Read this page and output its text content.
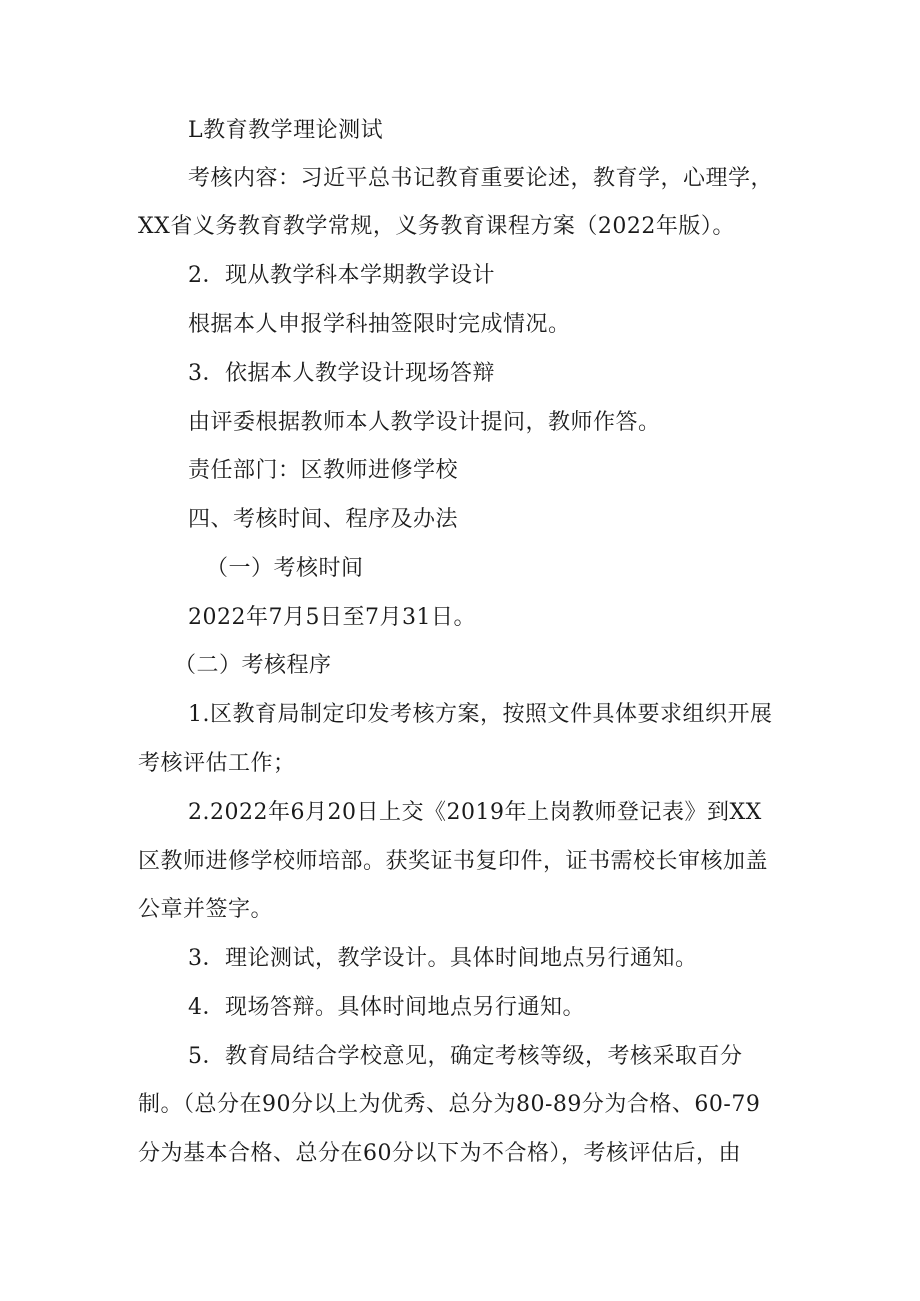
L教育教学理论测试
考核内容：习近平总书记教育重要论述，教育学，心理学，
XX省义务教育教学常规，义务教育课程方案（2022年版）。
2．现从教学科本学期教学设计
根据本人申报学科抽签限时完成情况。
3．依据本人教学设计现场答辩
由评委根据教师本人教学设计提问，教师作答。
责任部门：区教师进修学校
四、考核时间、程序及办法
（一）考核时间
2022年7月5日至7月31日。
（二）考核程序
1.区教育局制定印发考核方案，按照文件具体要求组织开展
考核评估工作；
2.2022年6月20日上交《2019年上岗教师登记表》到XX
区教师进修学校师培部。获奖证书复印件，证书需校长审核加盖
公章并签字。
3．理论测试，教学设计。具体时间地点另行通知。
4．现场答辩。具体时间地点另行通知。
5．教育局结合学校意见，确定考核等级，考核采取百分
制。（总分在90分以上为优秀、总分为80-89分为合格、60-79
分为基本合格、总分在60分以下为不合格），考核评估后，由
